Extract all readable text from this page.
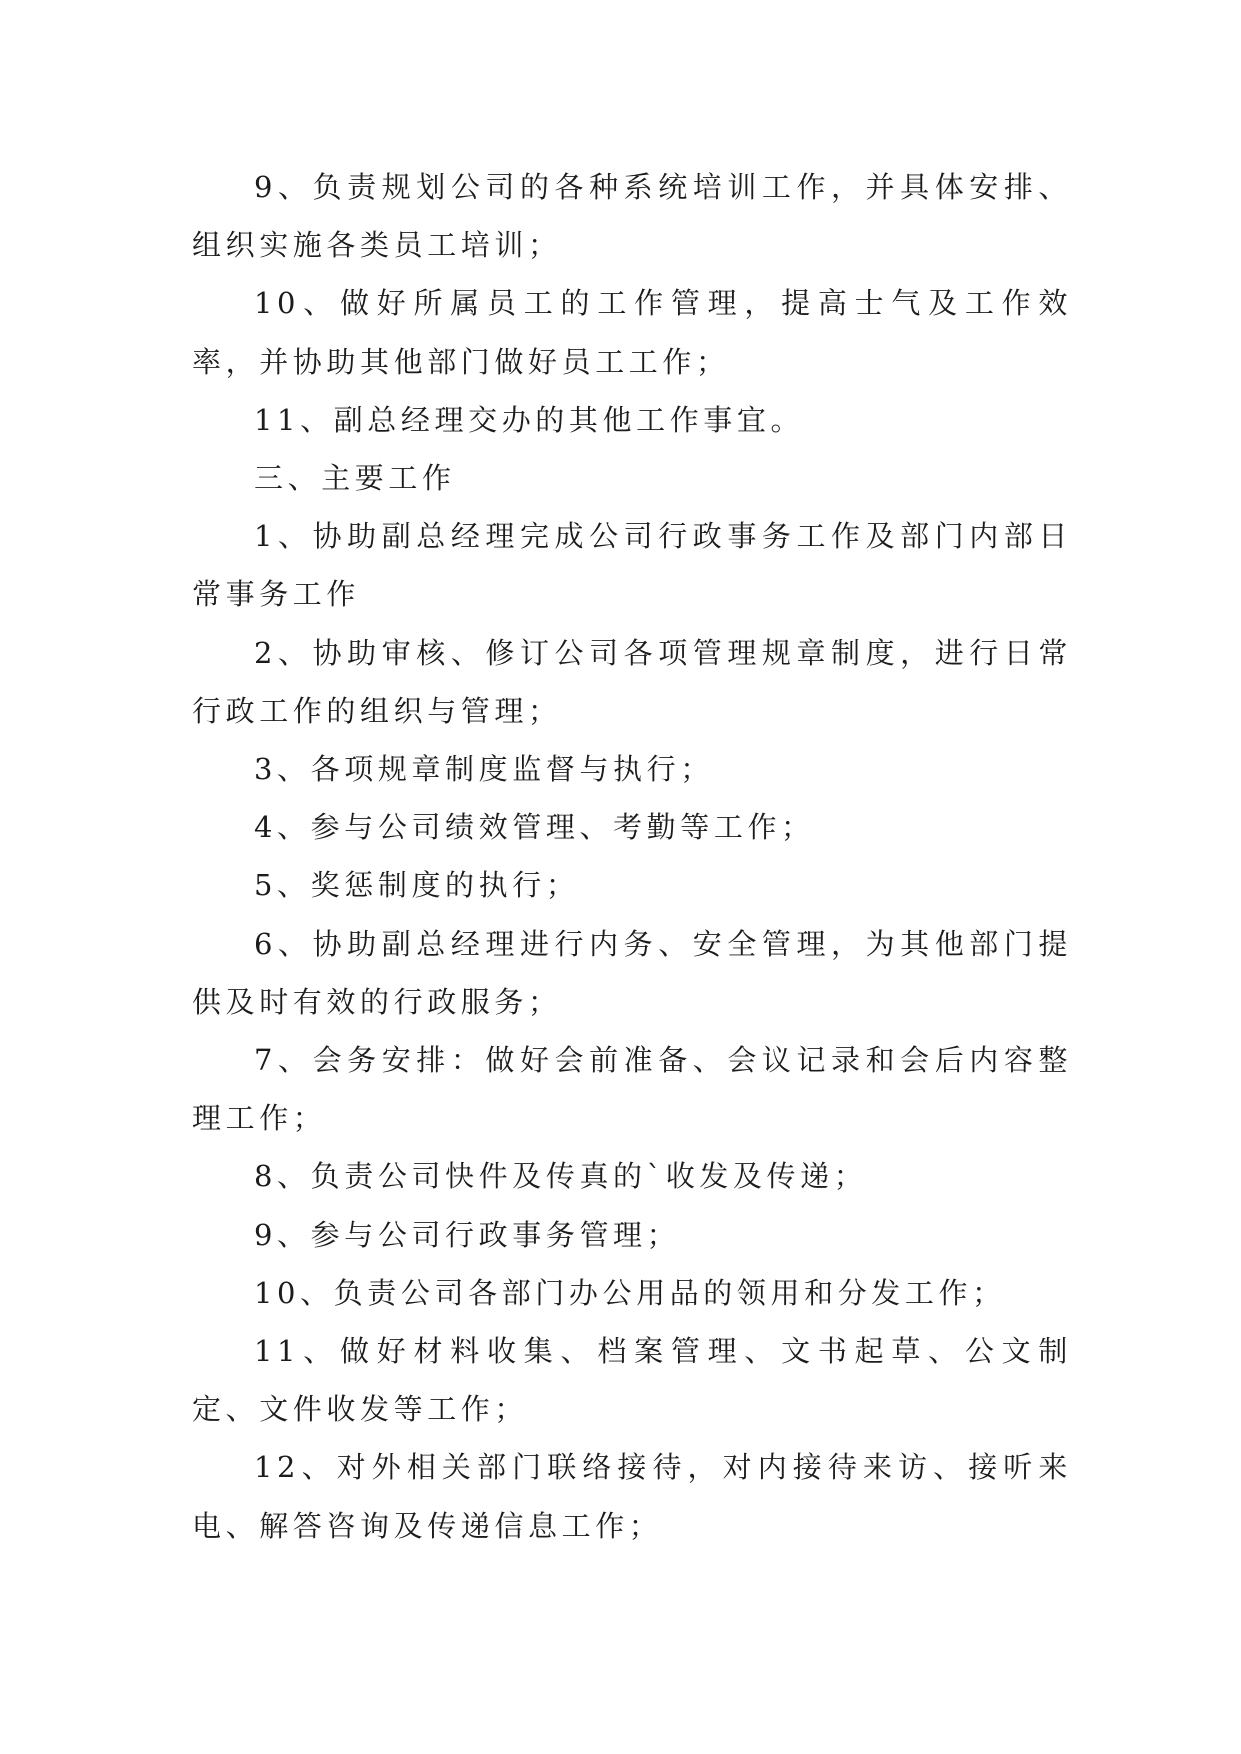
9、负责规划公司的各种系统培训工作，并具体安排、组织实施各类员工培训；

10、做好所属员工的工作管理，提高士气及工作效率，并协助其他部门做好员工工作；

11、副总经理交办的其他工作事宜。

三、主要工作

1、协助副总经理完成公司行政事务工作及部门内部日常事务工作

2、协助审核、修订公司各项管理规章制度，进行日常行政工作的组织与管理；

3、各项规章制度监督与执行；

4、参与公司绩效管理、考勤等工作；

5、奖惩制度的执行；

6、协助副总经理进行内务、安全管理，为其他部门提供及时有效的行政服务；

7、会务安排：做好会前准备、会议记录和会后内容整理工作；

8、负责公司快件及传真的`收发及传递；

9、参与公司行政事务管理；

10、负责公司各部门办公用品的领用和分发工作；

11、做好材料收集、档案管理、文书起草、公文制定、文件收发等工作；

12、对外相关部门联络接待，对内接待来访、接听来电、解答咨询及传递信息工作；
